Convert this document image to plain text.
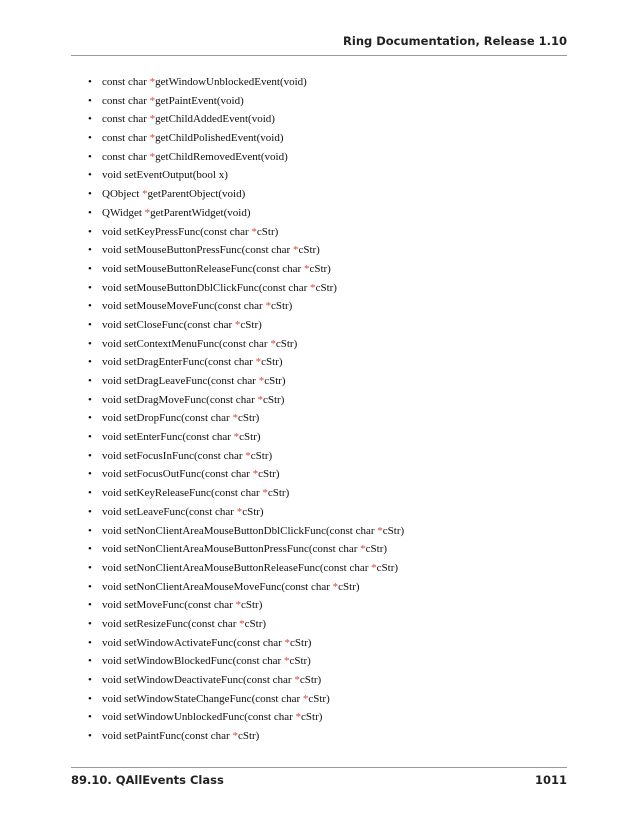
Ring Documentation, Release 1.10
• const char *getWindowUnblockedEvent(void)
• const char *getPaintEvent(void)
• const char *getChildAddedEvent(void)
• const char *getChildPolishedEvent(void)
• const char *getChildRemovedEvent(void)
• void setEventOutput(bool x)
• QObject *getParentObject(void)
• QWidget *getParentWidget(void)
• void setKeyPressFunc(const char *cStr)
• void setMouseButtonPressFunc(const char *cStr)
• void setMouseButtonReleaseFunc(const char *cStr)
• void setMouseButtonDblClickFunc(const char *cStr)
• void setMouseMoveFunc(const char *cStr)
• void setCloseFunc(const char *cStr)
• void setContextMenuFunc(const char *cStr)
• void setDragEnterFunc(const char *cStr)
• void setDragLeaveFunc(const char *cStr)
• void setDragMoveFunc(const char *cStr)
• void setDropFunc(const char *cStr)
• void setEnterFunc(const char *cStr)
• void setFocusInFunc(const char *cStr)
• void setFocusOutFunc(const char *cStr)
• void setKeyReleaseFunc(const char *cStr)
• void setLeaveFunc(const char *cStr)
• void setNonClientAreaMouseButtonDblClickFunc(const char *cStr)
• void setNonClientAreaMouseButtonPressFunc(const char *cStr)
• void setNonClientAreaMouseButtonReleaseFunc(const char *cStr)
• void setNonClientAreaMouseMoveFunc(const char *cStr)
• void setMoveFunc(const char *cStr)
• void setResizeFunc(const char *cStr)
• void setWindowActivateFunc(const char *cStr)
• void setWindowBlockedFunc(const char *cStr)
• void setWindowDeactivateFunc(const char *cStr)
• void setWindowStateChangeFunc(const char *cStr)
• void setWindowUnblockedFunc(const char *cStr)
• void setPaintFunc(const char *cStr)
89.10. QAllEvents Class	1011
